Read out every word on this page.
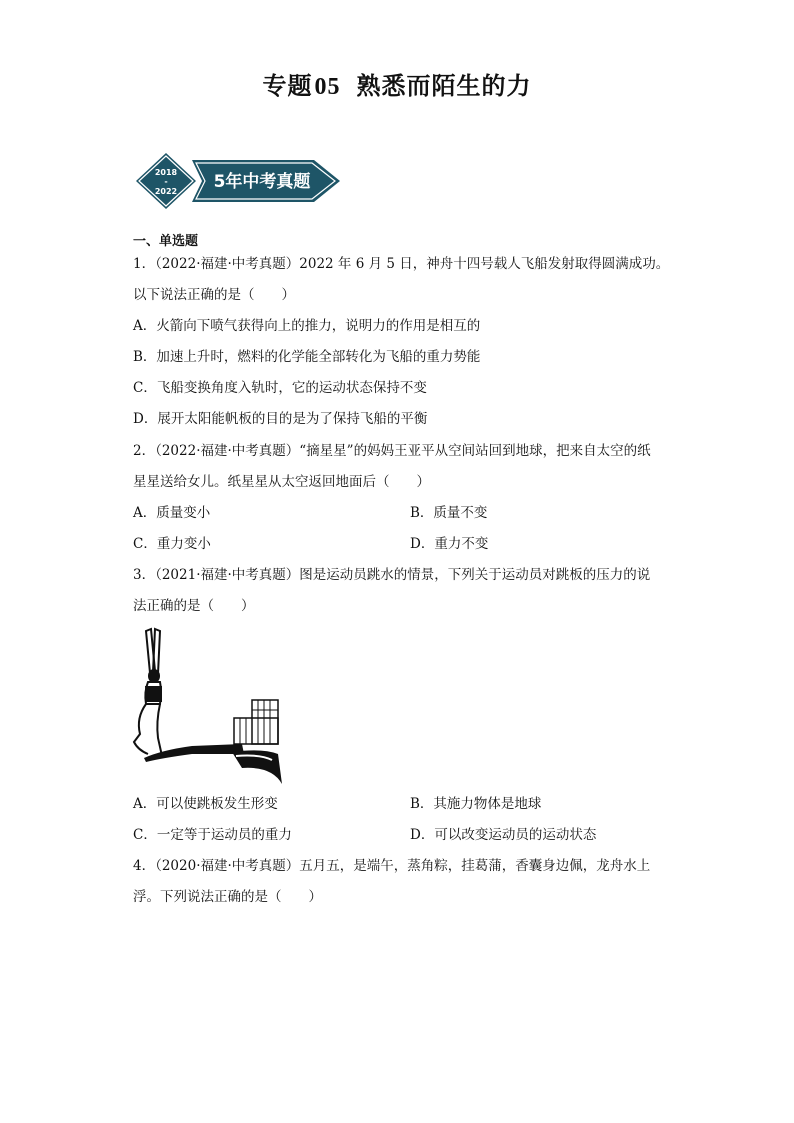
专题05 熟悉而陌生的力
2018
-
2022 5年中考真题
一、单选题
1．（2022·福建·中考真题）2022 年 6 月 5 日，神舟十四号载人飞船发射取得圆满成功。
以下说法正确的是（　　）
A．火箭向下喷气获得向上的推力，说明力的作用是相互的
B．加速上升时，燃料的化学能全部转化为飞船的重力势能
C．飞船变换角度入轨时，它的运动状态保持不变
D．展开太阳能帆板的目的是为了保持飞船的平衡
2．（2022·福建·中考真题）“摘星星”的妈妈王亚平从空间站回到地球，把来自太空的纸
星星送给女儿。纸星星从太空返回地面后（　　）
A．质量变小	B．质量不变
C．重力变小	D．重力不变
3．（2021·福建·中考真题）图是运动员跳水的情景，下列关于运动员对跳板的压力的说
法正确的是（　　）
A．可以使跳板发生形变	B．其施力物体是地球
C．一定等于运动员的重力	D．可以改变运动员的运动状态
4．（2020·福建·中考真题）五月五，是端午，蒸角粽，挂葛蒲，香囊身边佩，龙舟水上
浮。下列说法正确的是（　　）
